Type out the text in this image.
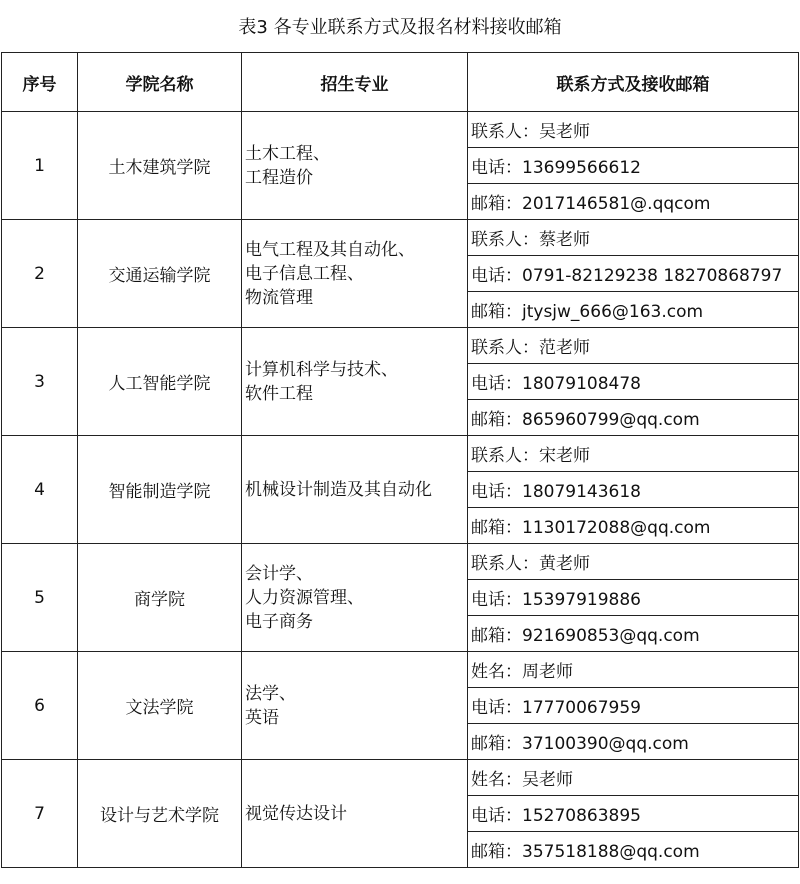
表3 各专业联系方式及报名材料接收邮箱
序号	学院名称	招生专业	联系方式及接收邮箱
1	土木建筑学院	土木工程、
工程造价	联系人：吴老师
			电话：13699566612
			邮箱：2017146581@.qqcom
2	交通运输学院	电气工程及其自动化、
电子信息工程、
物流管理	联系人：蔡老师
			电话：0791-82129238 18270868797
			邮箱：jtysjw_666@163.com
3	人工智能学院	计算机科学与技术、
软件工程	联系人：范老师
			电话：18079108478
			邮箱：865960799@qq.com
4	智能制造学院	机械设计制造及其自动化	联系人：宋老师
			电话：18079143618
			邮箱：1130172088@qq.com
5	商学院	会计学、
人力资源管理、
电子商务	联系人：黄老师
			电话：15397919886
			邮箱：921690853@qq.com
6	文法学院	法学、
英语	姓名：周老师
			电话：17770067959
			邮箱：37100390@qq.com
7	设计与艺术学院	视觉传达设计	姓名：吴老师
			电话：15270863895
			邮箱：357518188@qq.com
